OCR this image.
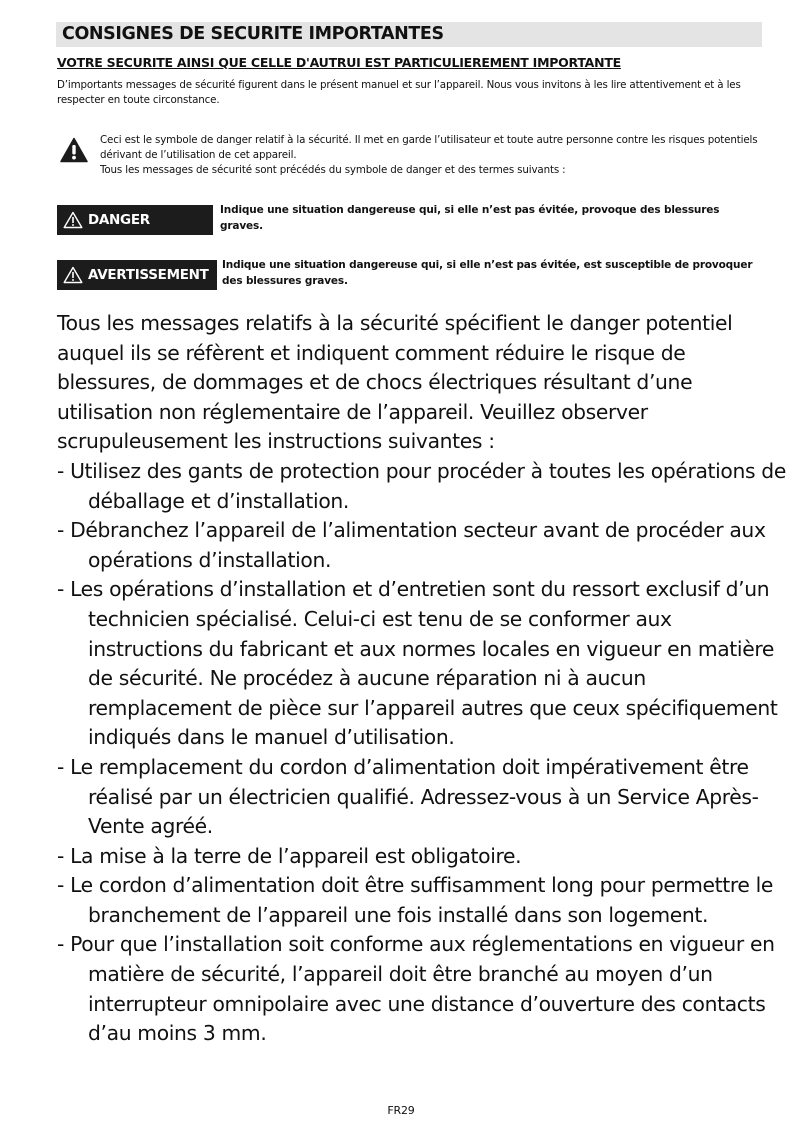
CONSIGNES DE SECURITE IMPORTANTES
VOTRE SECURITE AINSI QUE CELLE D'AUTRUI EST PARTICULIEREMENT IMPORTANTE
D’importants messages de sécurité figurent dans le présent manuel et sur l’appareil. Nous vous invitons à les lire attentivement et à les respecter en toute circonstance.
Ceci est le symbole de danger relatif à la sécurité. Il met en garde l’utilisateur et toute autre personne contre les risques potentiels dérivant de l’utilisation de cet appareil.
Tous les messages de sécurité sont précédés du symbole de danger et des termes suivants :
DANGER
Indique une situation dangereuse qui, si elle n’est pas évitée, provoque des blessures graves.
AVERTISSEMENT
Indique une situation dangereuse qui, si elle n’est pas évitée, est susceptible de provoquer des blessures graves.

Tous les messages relatifs à la sécurité spécifient le danger potentiel auquel ils se réfèrent et indiquent comment réduire le risque de blessures, de dommages et de chocs électriques résultant d’une utilisation non réglementaire de l’appareil. Veuillez observer scrupuleusement les instructions suivantes :

- Utilisez des gants de protection pour procéder à toutes les opérations de déballage et d’installation.
- Débranchez l’appareil de l’alimentation secteur avant de procéder aux opérations d’installation.
- Les opérations d’installation et d’entretien sont du ressort exclusif d’un technicien spécialisé. Celui-ci est tenu de se conformer aux instructions du fabricant et aux normes locales en vigueur en matière de sécurité. Ne procédez à aucune réparation ni à aucun remplacement de pièce sur l’appareil autres que ceux spécifiquement indiqués dans le manuel d’utilisation.
- Le remplacement du cordon d’alimentation doit impérativement être réalisé par un électricien qualifié. Adressez-vous à un Service Après-Vente agréé.
- La mise à la terre de l’appareil est obligatoire.
- Le cordon d’alimentation doit être suffisamment long pour permettre le branchement de l’appareil une fois installé dans son logement.
- Pour que l’installation soit conforme aux réglementations en vigueur en matière de sécurité, l’appareil doit être branché au moyen d’un interrupteur omnipolaire avec une distance d’ouverture des contacts d’au moins 3 mm.
FR29
